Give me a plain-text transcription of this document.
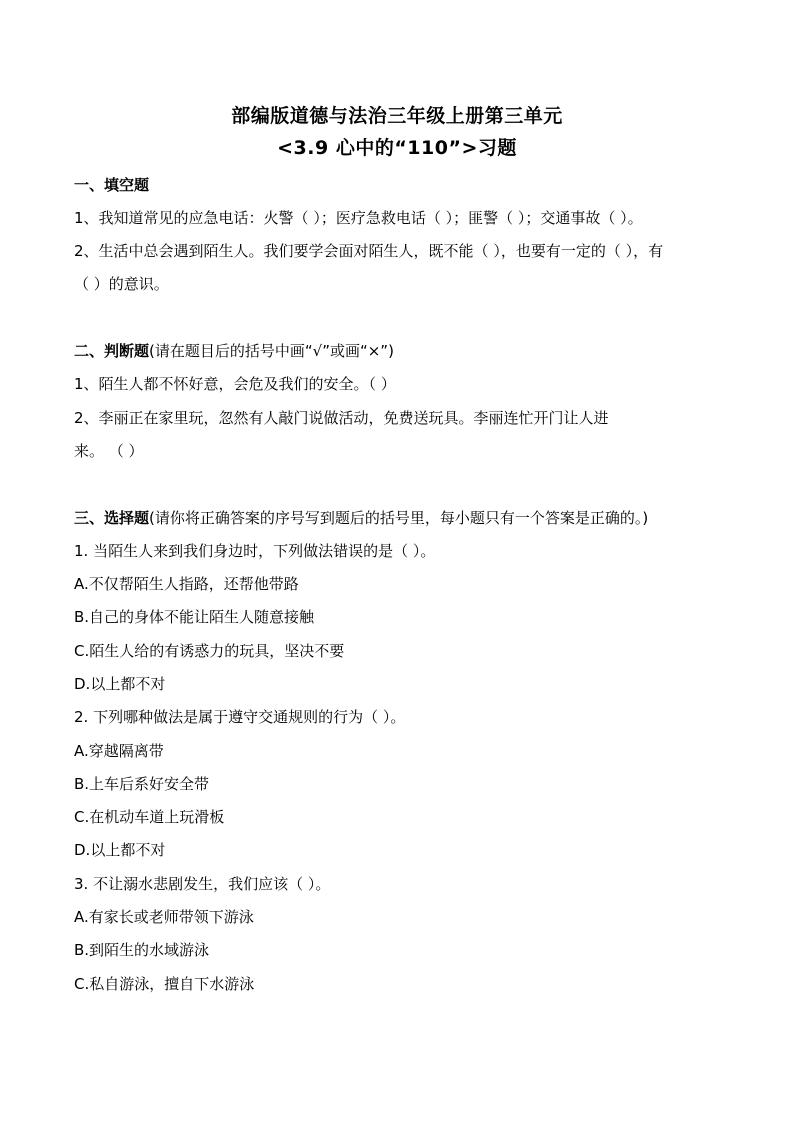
部编版道德与法治三年级上册第三单元
<3.9 心中的“110”>习题
一、填空题
1、我知道常见的应急电话：火警（ ）；医疗急救电话（ ）；匪警（ ）；交通事故（ ）。
2、生活中总会遇到陌生人。我们要学会面对陌生人，既不能（ ），也要有一定的（ ），有
（ ）的意识。
二、判断题(请在题目后的括号中画“√”或画“×”)
1、陌生人都不怀好意，会危及我们的安全。（ ）
2、李丽正在家里玩，忽然有人敲门说做活动，免费送玩具。李丽连忙开门让人进
来。 （ ）
三、选择题(请你将正确答案的序号写到题后的括号里，每小题只有一个答案是正确的。)
1. 当陌生人来到我们身边时，下列做法错误的是（ ）。
A.不仅帮陌生人指路，还帮他带路
B.自己的身体不能让陌生人随意接触
C.陌生人给的有诱惑力的玩具，坚决不要
D.以上都不对
2. 下列哪种做法是属于遵守交通规则的行为（ ）。
A.穿越隔离带
B.上车后系好安全带
C.在机动车道上玩滑板
D.以上都不对
3. 不让溺水悲剧发生，我们应该（ ）。
A.有家长或老师带领下游泳
B.到陌生的水域游泳
C.私自游泳，擅自下水游泳
